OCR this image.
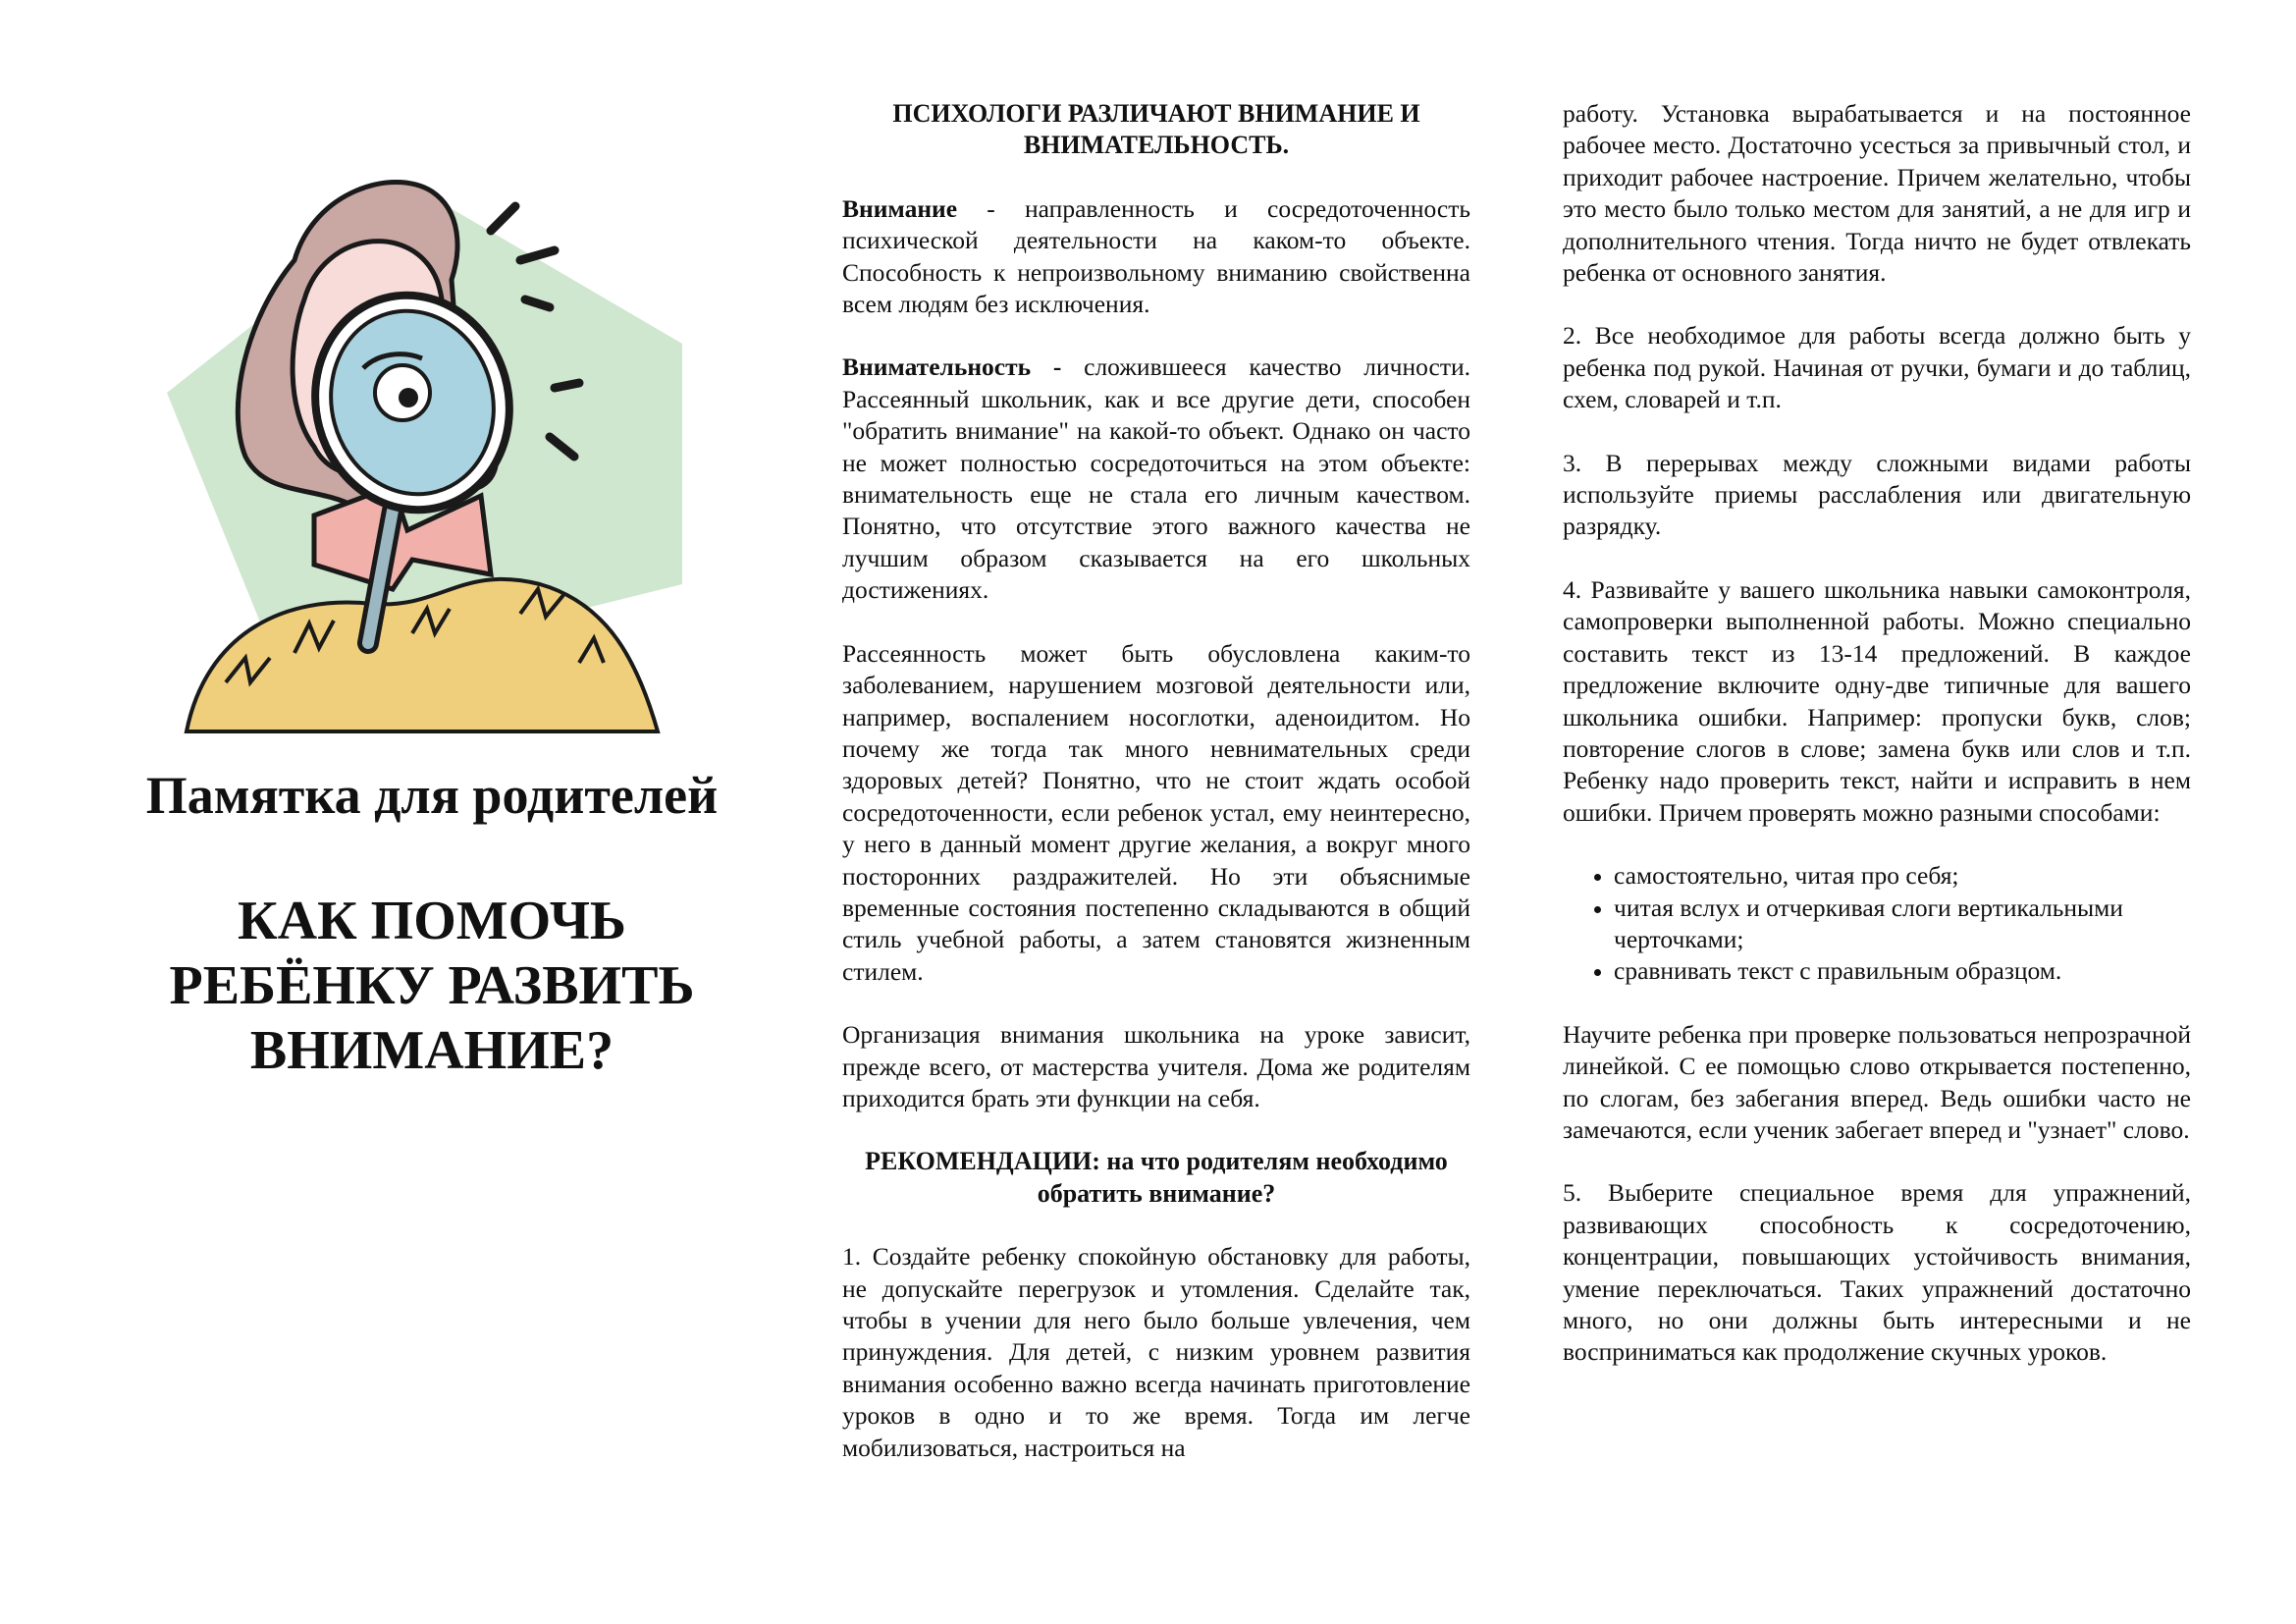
Памятка для родителей
КАК ПОМОЧЬ
РЕБЁНКУ РАЗВИТЬ
ВНИМАНИЕ?
ПСИХОЛОГИ РАЗЛИЧАЮТ ВНИМАНИЕ И ВНИМАТЕЛЬНОСТЬ.

Внимание - направленность и сосредоточенность психической деятельности на каком-то объекте. Способность к непроизвольному вниманию свойственна всем людям без исключения.

Внимательность - сложившееся качество личности. Рассеянный школьник, как и все другие дети, способен "обратить внимание" на какой-то объект. Однако он часто не может полностью сосредоточиться на этом объекте: внимательность еще не стала его личным качеством. Понятно, что отсутствие этого важного качества не лучшим образом сказывается на его школьных достижениях.

Рассеянность может быть обусловлена каким-то заболеванием, нарушением мозговой деятельности или, например, воспалением носоглотки, аденоидитом. Но почему же тогда так много невнимательных среди здоровых детей? Понятно, что не стоит ждать особой сосредоточенности, если ребенок устал, ему неинтересно, у него в данный момент другие желания, а вокруг много посторонних раздражителей. Но эти объяснимые временные состояния постепенно складываются в общий стиль учебной работы, а затем становятся жизненным стилем.

Организация внимания школьника на уроке зависит, прежде всего, от мастерства учителя. Дома же родителям приходится брать эти функции на себя.

РЕКОМЕНДАЦИИ: на что родителям необходимо обратить внимание?

1. Создайте ребенку спокойную обстановку для работы, не допускайте перегрузок и утомления. Сделайте так, чтобы в учении для него было больше увлечения, чем принуждения. Для детей, с низким уровнем развития внимания особенно важно всегда начинать приготовление уроков в одно и то же время. Тогда им легче мобилизоваться, настроиться на

работу. Установка вырабатывается и на постоянное рабочее место. Достаточно усесться за привычный стол, и приходит рабочее настроение. Причем желательно, чтобы это место было только местом для занятий, а не для игр и дополнительного чтения. Тогда ничто не будет отвлекать ребенка от основного занятия.

2. Все необходимое для работы всегда должно быть у ребенка под рукой. Начиная от ручки, бумаги и до таблиц, схем, словарей и т.п.

3. В перерывах между сложными видами работы используйте приемы расслабления или двигательную разрядку.

4. Развивайте у вашего школьника навыки самоконтроля, самопроверки выполненной работы. Можно специально составить текст из 13-14 предложений. В каждое предложение включите одну-две типичные для вашего школьника ошибки. Например: пропуски букв, слов; повторение слогов в слове; замена букв или слов и т.п. Ребенку надо проверить текст, найти и исправить в нем ошибки. Причем проверять можно разными способами:

• самостоятельно, читая про себя;
• читая вслух и отчеркивая слоги вертикальными черточками;
• сравнивать текст с правильным образцом.

Научите ребенка при проверке пользоваться непрозрачной линейкой. С ее помощью слово открывается постепенно, по слогам, без забегания вперед. Ведь ошибки часто не замечаются, если ученик забегает вперед и "узнает" слово.

5. Выберите специальное время для упражнений, развивающих способность к сосредоточению, концентрации, повышающих устойчивость внимания, умение переключаться. Таких упражнений достаточно много, но они должны быть интересными и не восприниматься как продолжение скучных уроков.
